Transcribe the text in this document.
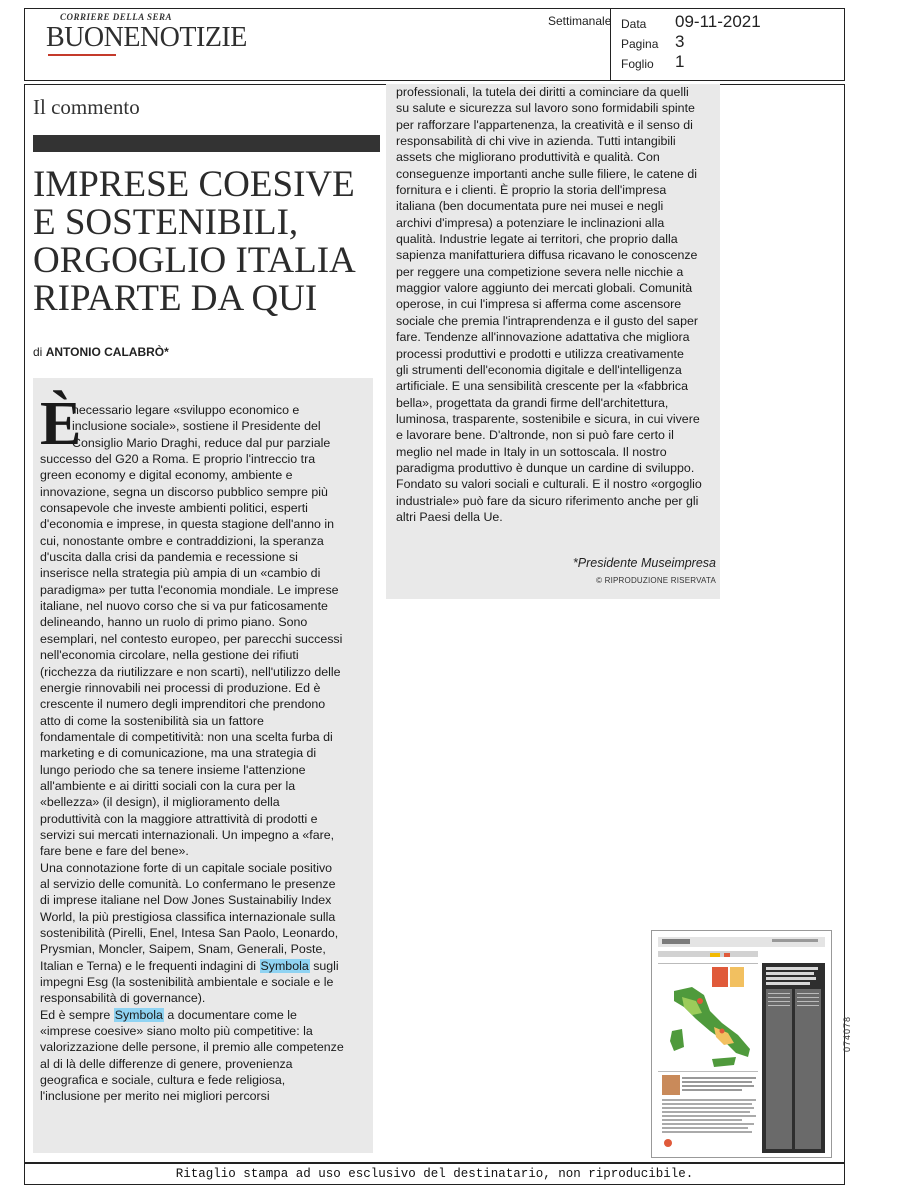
CORRIERE DELLA SERA
BUONENOTIZIE
Settimanale Data 09-11-2021
Pagina 3
Foglio 1
Il commento
IMPRESE COESIVE
E SOSTENIBILI,
ORGOGLIO ITALIA
RIPARTE DA QUI
di ANTONIO CALABRÒ*
È
necessario legare «sviluppo economico e
inclusione sociale», sostiene il Presidente del
Consiglio Mario Draghi, reduce dal pur parziale
successo del G20 a Roma. E proprio l'intreccio tra
green economy e digital economy, ambiente e
innovazione, segna un discorso pubblico sempre più
consapevole che investe ambienti politici, esperti
d'economia e imprese, in questa stagione dell'anno in
cui, nonostante ombre e contraddizioni, la speranza
d'uscita dalla crisi da pandemia e recessione si
inserisce nella strategia più ampia di un «cambio di
paradigma» per tutta l'economia mondiale. Le imprese
italiane, nel nuovo corso che si va pur faticosamente
delineando, hanno un ruolo di primo piano. Sono
esemplari, nel contesto europeo, per parecchi successi
nell'economia circolare, nella gestione dei rifiuti
(ricchezza da riutilizzare e non scarti), nell'utilizzo delle
energie rinnovabili nei processi di produzione. Ed è
crescente il numero degli imprenditori che prendono
atto di come la sostenibilità sia un fattore
fondamentale di competitività: non una scelta furba di
marketing e di comunicazione, ma una strategia di
lungo periodo che sa tenere insieme l'attenzione
all'ambiente e ai diritti sociali con la cura per la
«bellezza» (il design), il miglioramento della
produttività con la maggiore attrattività di prodotti e
servizi sui mercati internazionali. Un impegno a «fare,
fare bene e fare del bene».
Una connotazione forte di un capitale sociale positivo
al servizio delle comunità. Lo confermano le presenze
di imprese italiane nel Dow Jones Sustainabiliy Index
World, la più prestigiosa classifica internazionale sulla
sostenibilità (Pirelli, Enel, Intesa San Paolo, Leonardo,
Prysmian, Moncler, Saipem, Snam, Generali, Poste,
Italian e Terna) e le frequenti indagini di Symbola sugli
impegni Esg (la sostenibilità ambientale e sociale e le
responsabilità di governance).
Ed è sempre Symbola a documentare come le
«imprese coesive» siano molto più competitive: la
valorizzazione delle persone, il premio alle competenze
al di là delle differenze di genere, provenienza
geografica e sociale, cultura e fede religiosa,
l'inclusione per merito nei migliori percorsi
professionali, la tutela dei diritti a cominciare da quelli
su salute e sicurezza sul lavoro sono formidabili spinte
per rafforzare l'appartenenza, la creatività e il senso di
responsabilità di chi vive in azienda. Tutti intangibili
assets che migliorano produttività e qualità. Con
conseguenze importanti anche sulle filiere, le catene di
fornitura e i clienti. È proprio la storia dell'impresa
italiana (ben documentata pure nei musei e negli
archivi d'impresa) a potenziare le inclinazioni alla
qualità. Industrie legate ai territori, che proprio dalla
sapienza manifatturiera diffusa ricavano le conoscenze
per reggere una competizione severa nelle nicchie a
maggior valore aggiunto dei mercati globali. Comunità
operose, in cui l'impresa si afferma come ascensore
sociale che premia l'intraprendenza e il gusto del saper
fare. Tendenze all'innovazione adattativa che migliora
processi produttivi e prodotti e utilizza creativamente
gli strumenti dell'economia digitale e dell'intelligenza
artificiale. E una sensibilità crescente per la «fabbrica
bella», progettata da grandi firme dell'architettura,
luminosa, trasparente, sostenibile e sicura, in cui vivere
e lavorare bene. D'altronde, non si può fare certo il
meglio nel made in Italy in un sottoscala. Il nostro
paradigma produttivo è dunque un cardine di sviluppo.
Fondato su valori sociali e culturali. E il nostro «orgoglio
industriale» può fare da sicuro riferimento anche per gli
altri Paesi della Ue.
*Presidente Museimpresa
© RIPRODUZIONE RISERVATA
074078
Ritaglio stampa ad uso esclusivo del destinatario, non riproducibile.
